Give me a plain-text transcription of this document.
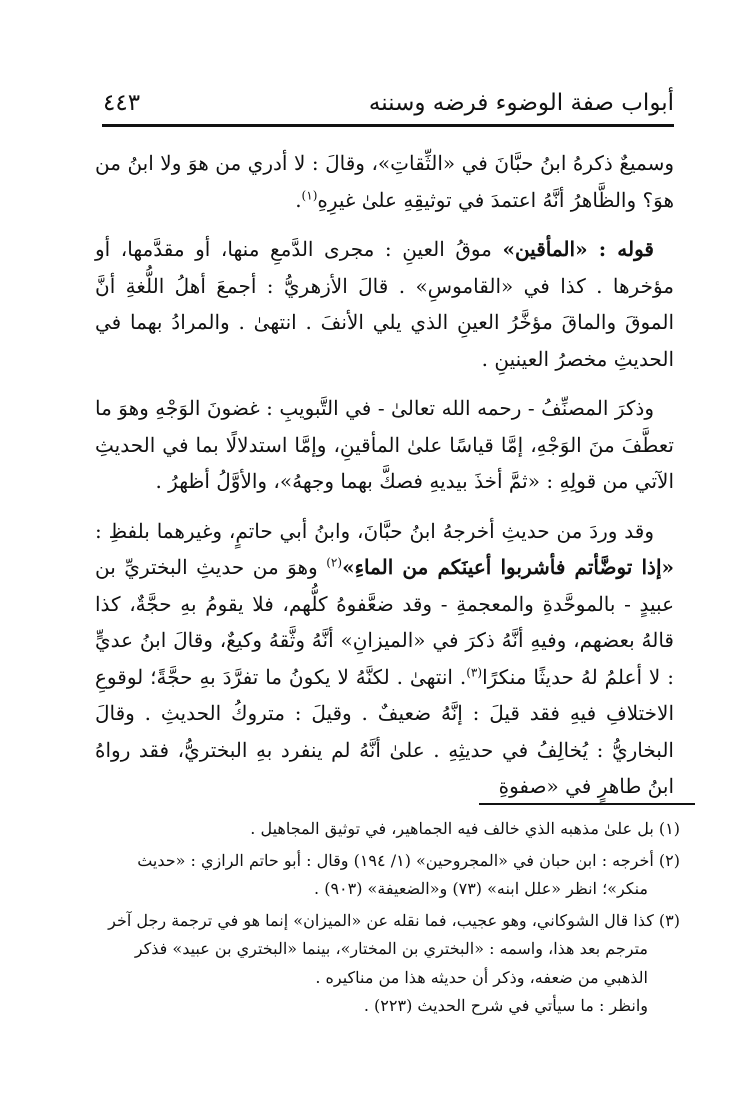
أبواب صفة الوضوء فرضه وسننه
٤٤٣

وسميعٌ ذكرهُ ابنُ حبَّانَ في «الثِّقاتِ»، وقالَ : لا أدري من هوَ ولا ابنُ من هوَ؟ والظَّاهرُ أنَّهُ اعتمدَ في توثيقِهِ علىٰ غيرِهِ$^{(١)}$.

قوله : «المأقين» موقُ العينِ : مجرى الدَّمعِ منها، أو مقدَّمها، أو مؤخرها . كذا في «القاموسِ» . قالَ الأزهريُّ : أجمعَ أهلُ اللُّغةِ أنَّ الموقَ والماقَ مؤخَّرُ العينِ الذي يلي الأنفَ . انتهىٰ . والمرادُ بهما في الحديثِ مخصرُ العينينِ .

وذكرَ المصنِّفُ - رحمه الله تعالىٰ - في التَّبويبِ : غضونَ الوَجْهِ وهوَ ما تعطَّفَ منَ الوَجْهِ، إمَّا قياسًا علىٰ المأقينِ، وإمَّا استدلالًا بما في الحديثِ الآتي من قولِهِ : «ثمَّ أخذَ بيديهِ فصكَّ بهما وجههُ»، والأوَّلُ أظهرُ .

وقد وردَ من حديثِ أخرجهُ ابنُ حبَّانَ، وابنُ أبي حاتمٍ، وغيرهما بلفظِ : «إذا توضَّأتم فأشربوا أعينَكم من الماءِ»$^{(٢)}$ وهوَ من حديثِ البختريِّ بن عبيدٍ - بالموحَّدةِ والمعجمةِ - وقد ضعَّفوهُ كلُّهم، فلا يقومُ بهِ حجَّةٌ، كذا قالهُ بعضهم، وفيهِ أنَّهُ ذكرَ في «الميزانِ» أنَّهُ وثَّقهُ وكيعٌ، وقالَ ابنُ عديٍّ : لا أعلمُ لهُ حديثًا منكرًا$^{(٣)}$. انتهىٰ . لكنَّهُ لا يكونُ ما تفرَّدَ بهِ حجَّةً؛ لوقوعِ الاختلافِ فيهِ فقد قيلَ : إنَّهُ ضعيفٌ . وقيلَ : متروكُ الحديثِ . وقالَ البخاريُّ : يُخالِفُ في حديثِهِ . علىٰ أنَّهُ لم ينفرد بهِ البختريُّ، فقد رواهُ ابنُ طاهرٍ في «صفوةِ

(١) بل علىٰ مذهبه الذي خالف فيه الجماهير، في توثيق المجاهيل .

(٢) أخرجه : ابن حبان في «المجروحين» (١/ ١٩٤) وقال : أبو حاتم الرازي : «حديث منكر»؛ انظر «علل ابنه» (٧٣) و«الضعيفة» (٩٠٣) .

(٣) كذا قال الشوكاني، وهو عجيب، فما نقله عن «الميزان» إنما هو في ترجمة رجل آخر مترجم بعد هذا، واسمه : «البختري بن المختار»، بينما «البختري بن عبيد» فذكر الذهبي من ضعفه، وذكر أن حديثه هذا من مناكيره .
وانظر : ما سيأتي في شرح الحديث (٢٢٣) .
